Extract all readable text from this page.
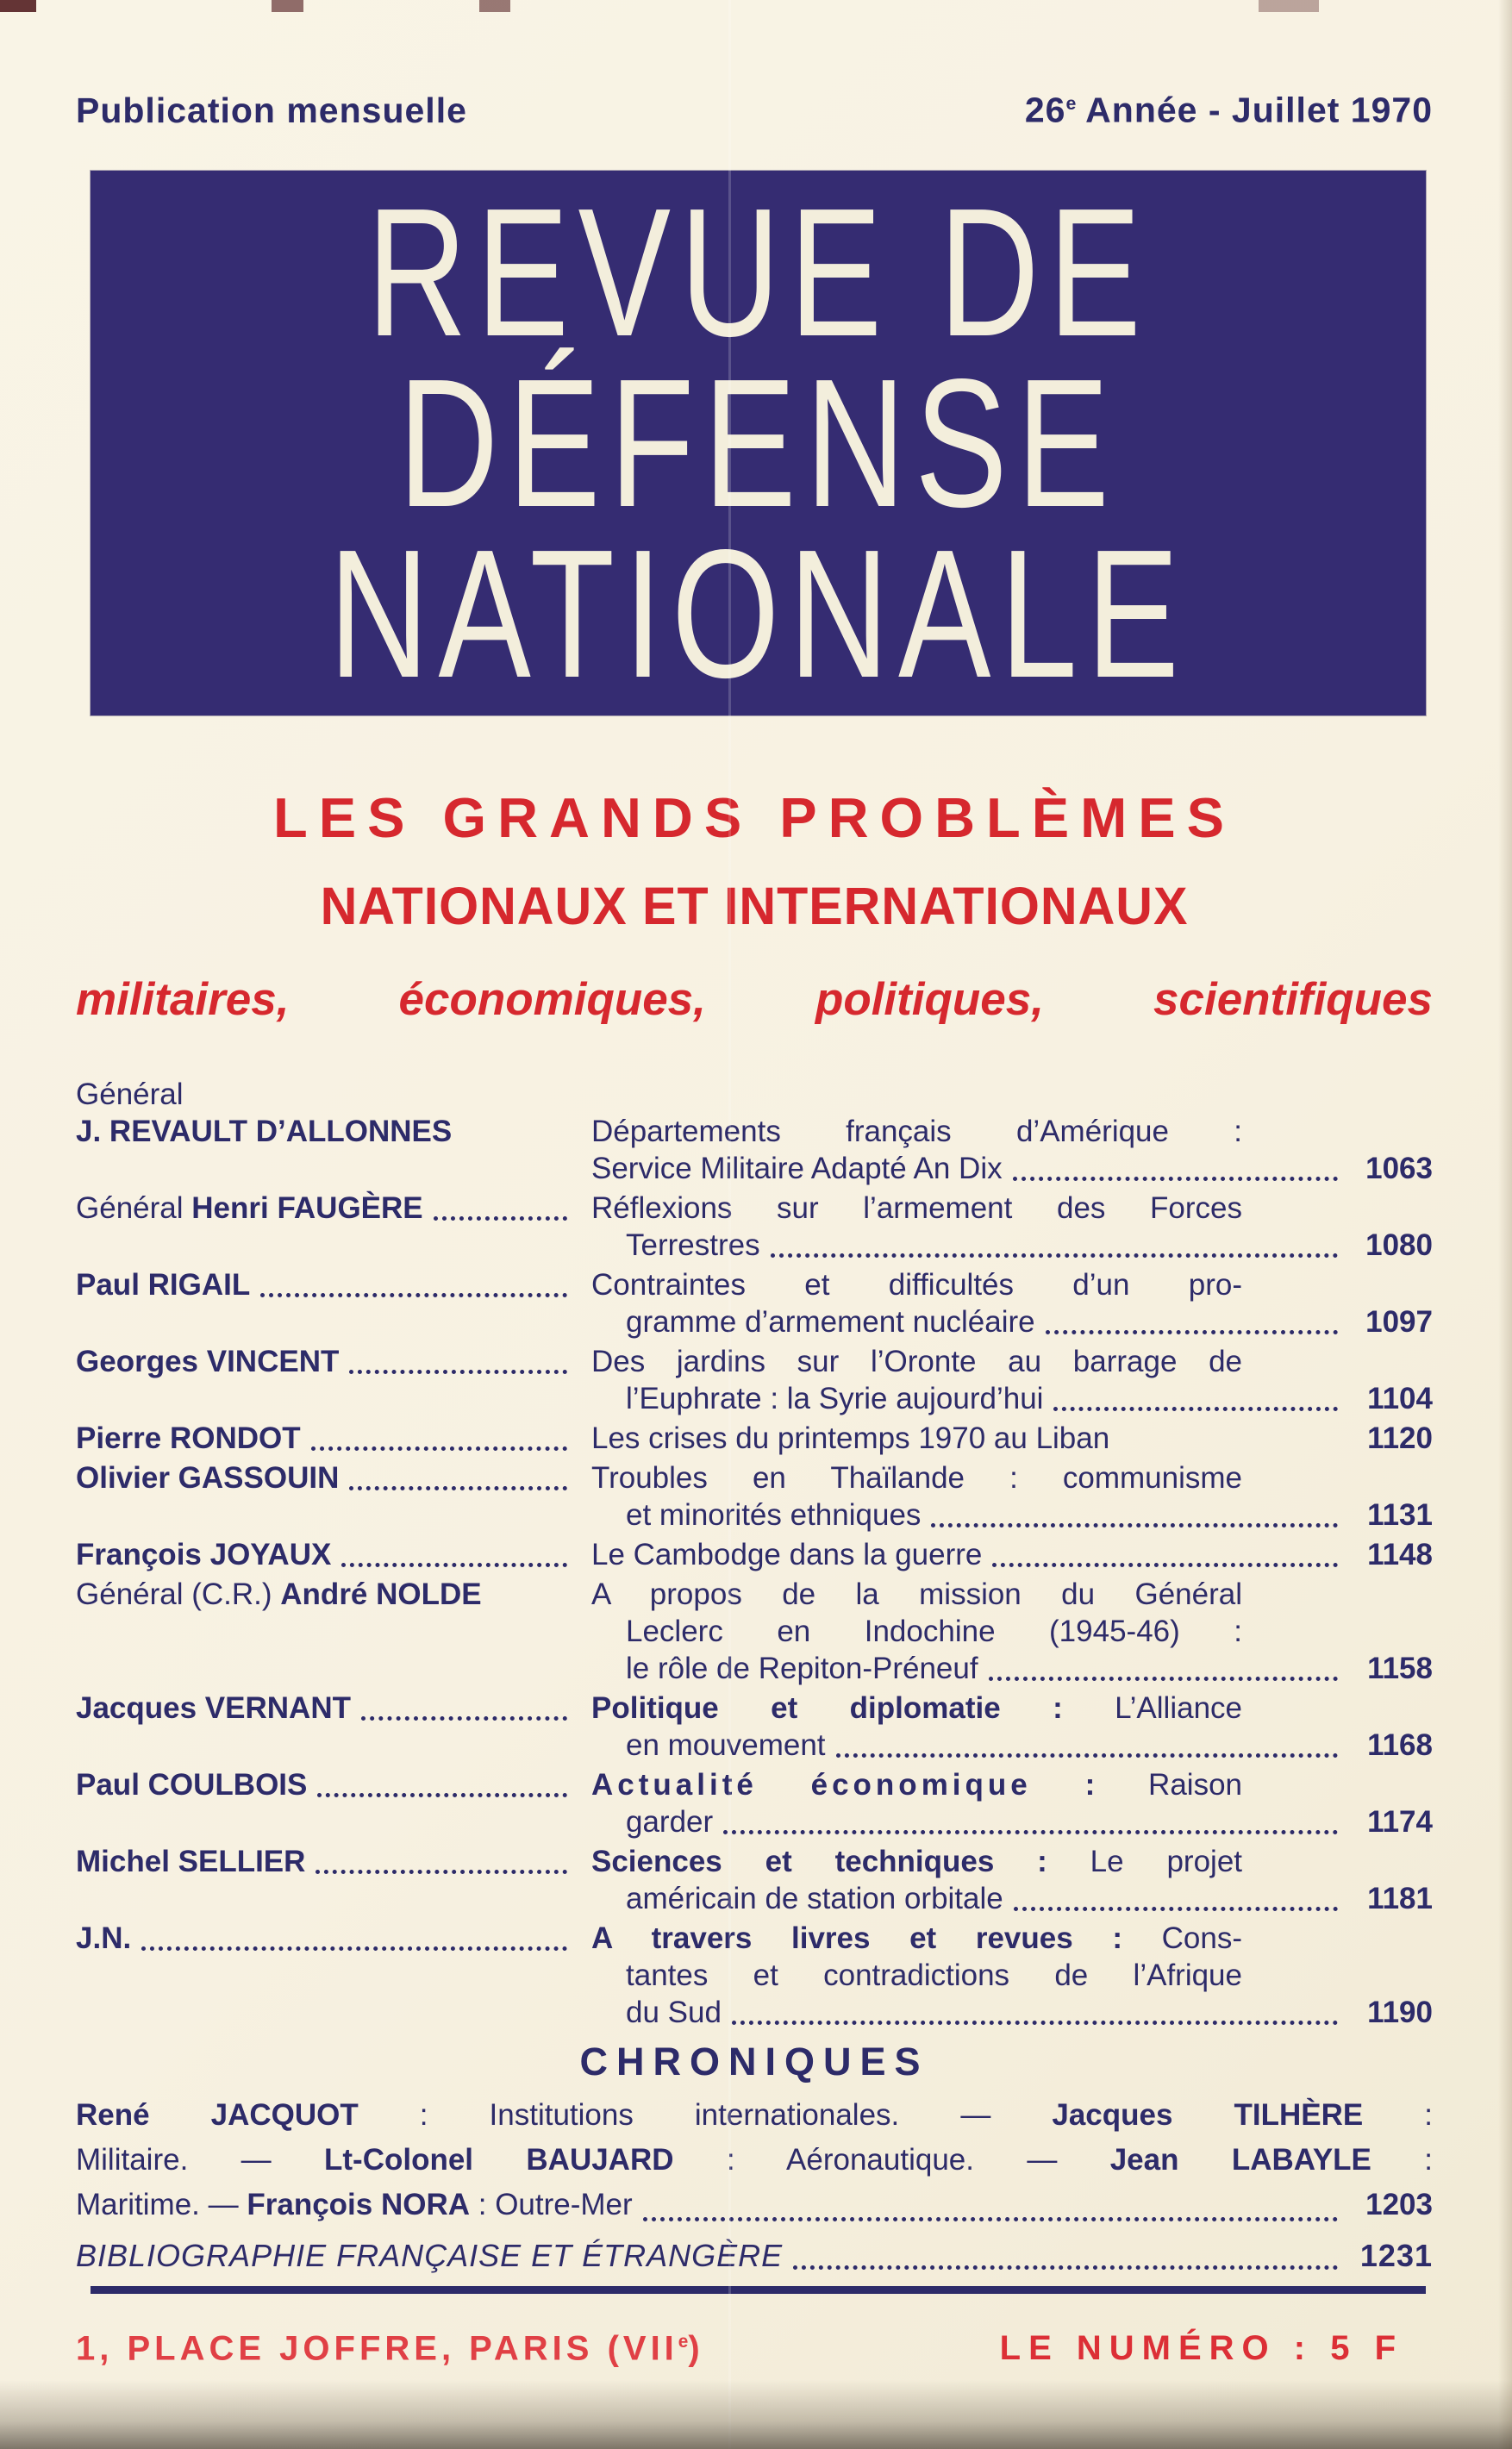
Publication mensuelle	26e Année - Juillet 1970
REVUE DE
DÉFENSE
NATIONALE
LES GRANDS PROBLÈMES
NATIONAUX ET INTERNATIONAUX
militaires, économiques, politiques, scientifiques
Général
J. REVAULT D’ALLONNES	Départements français d’Amérique :
Service Militaire Adapté An Dix	1063
Général Henri FAUGÈRE	Réflexions sur l’armement des Forces
Terrestres	1080
Paul RIGAIL	Contraintes et difficultés d’un pro-
gramme d’armement nucléaire	1097
Georges VINCENT	Des jardins sur l’Oronte au barrage de
l’Euphrate : la Syrie aujourd’hui	1104
Pierre RONDOT	Les crises du printemps 1970 au Liban	1120
Olivier GASSOUIN	Troubles en Thaïlande : communisme
et minorités ethniques	1131
François JOYAUX	Le Cambodge dans la guerre	1148
Général (C.R.) André NOLDE	A propos de la mission du Général
Leclerc en Indochine (1945-46) :
le rôle de Repiton-Préneuf	1158
Jacques VERNANT	Politique et diplomatie : L’Alliance
en mouvement	1168
Paul COULBOIS	Actualité économique : Raison
garder	1174
Michel SELLIER	Sciences et techniques : Le projet
américain de station orbitale	1181
J.N.	A travers livres et revues : Cons-
tantes et contradictions de l’Afrique
du Sud	1190
CHRONIQUES
René JACQUOT : Institutions internationales. — Jacques TILHÈRE :
Militaire. — Lt-Colonel BAUJARD : Aéronautique. — Jean LABAYLE :
Maritime. — François NORA : Outre-Mer	1203
BIBLIOGRAPHIE FRANÇAISE ET ÉTRANGÈRE	1231
1, PLACE JOFFRE, PARIS (VIIe)	LE NUMÉRO : 5 F
